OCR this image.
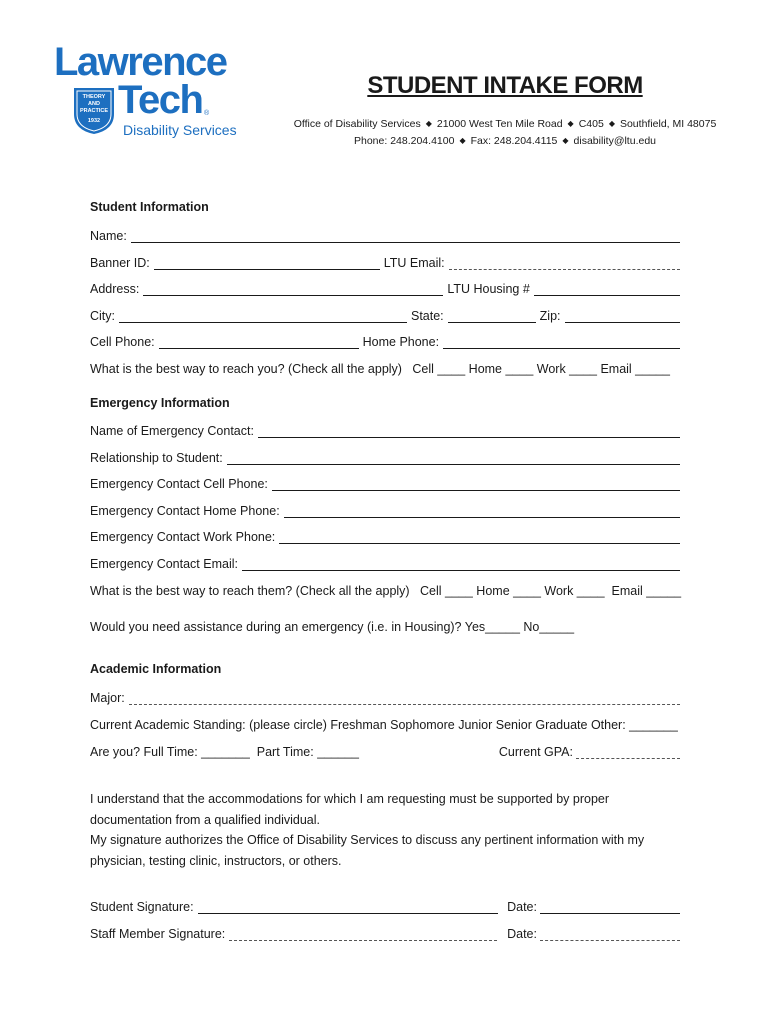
Lawrence
Tech
THEORY
AND
PRACTICE
1932
®
Disability Services
STUDENT INTAKE FORM
Office of Disability Services ◆ 21000 West Ten Mile Road ◆ C405 ◆ Southfield, MI 48075
Phone: 248.204.4100 ◆ Fax: 248.204.4115 ◆ disability@ltu.edu
Student Information
Name:
Banner ID:	LTU Email:
Address:	LTU Housing #
City:	State:	Zip:
Cell Phone:	Home Phone:
What is the best way to reach you? (Check all the apply)   Cell ____ Home ____ Work ____ Email _____
Emergency Information
Name of Emergency Contact:
Relationship to Student:
Emergency Contact Cell Phone:
Emergency Contact Home Phone:
Emergency Contact Work Phone:
Emergency Contact Email:
What is the best way to reach them? (Check all the apply)   Cell ____ Home ____ Work ____  Email _____
Would you need assistance during an emergency (i.e. in Housing)? Yes_____ No_____
Academic Information
Major:
Current Academic Standing: (please circle) Freshman Sophomore Junior Senior Graduate Other: _______
Are you? Full Time: _______  Part Time: ______	Current GPA:
I understand that the accommodations for which I am requesting must be supported by proper documentation from a qualified individual.
My signature authorizes the Office of Disability Services to discuss any pertinent information with my physician, testing clinic, instructors, or others.
Student Signature:	Date:
Staff Member Signature:	Date:
